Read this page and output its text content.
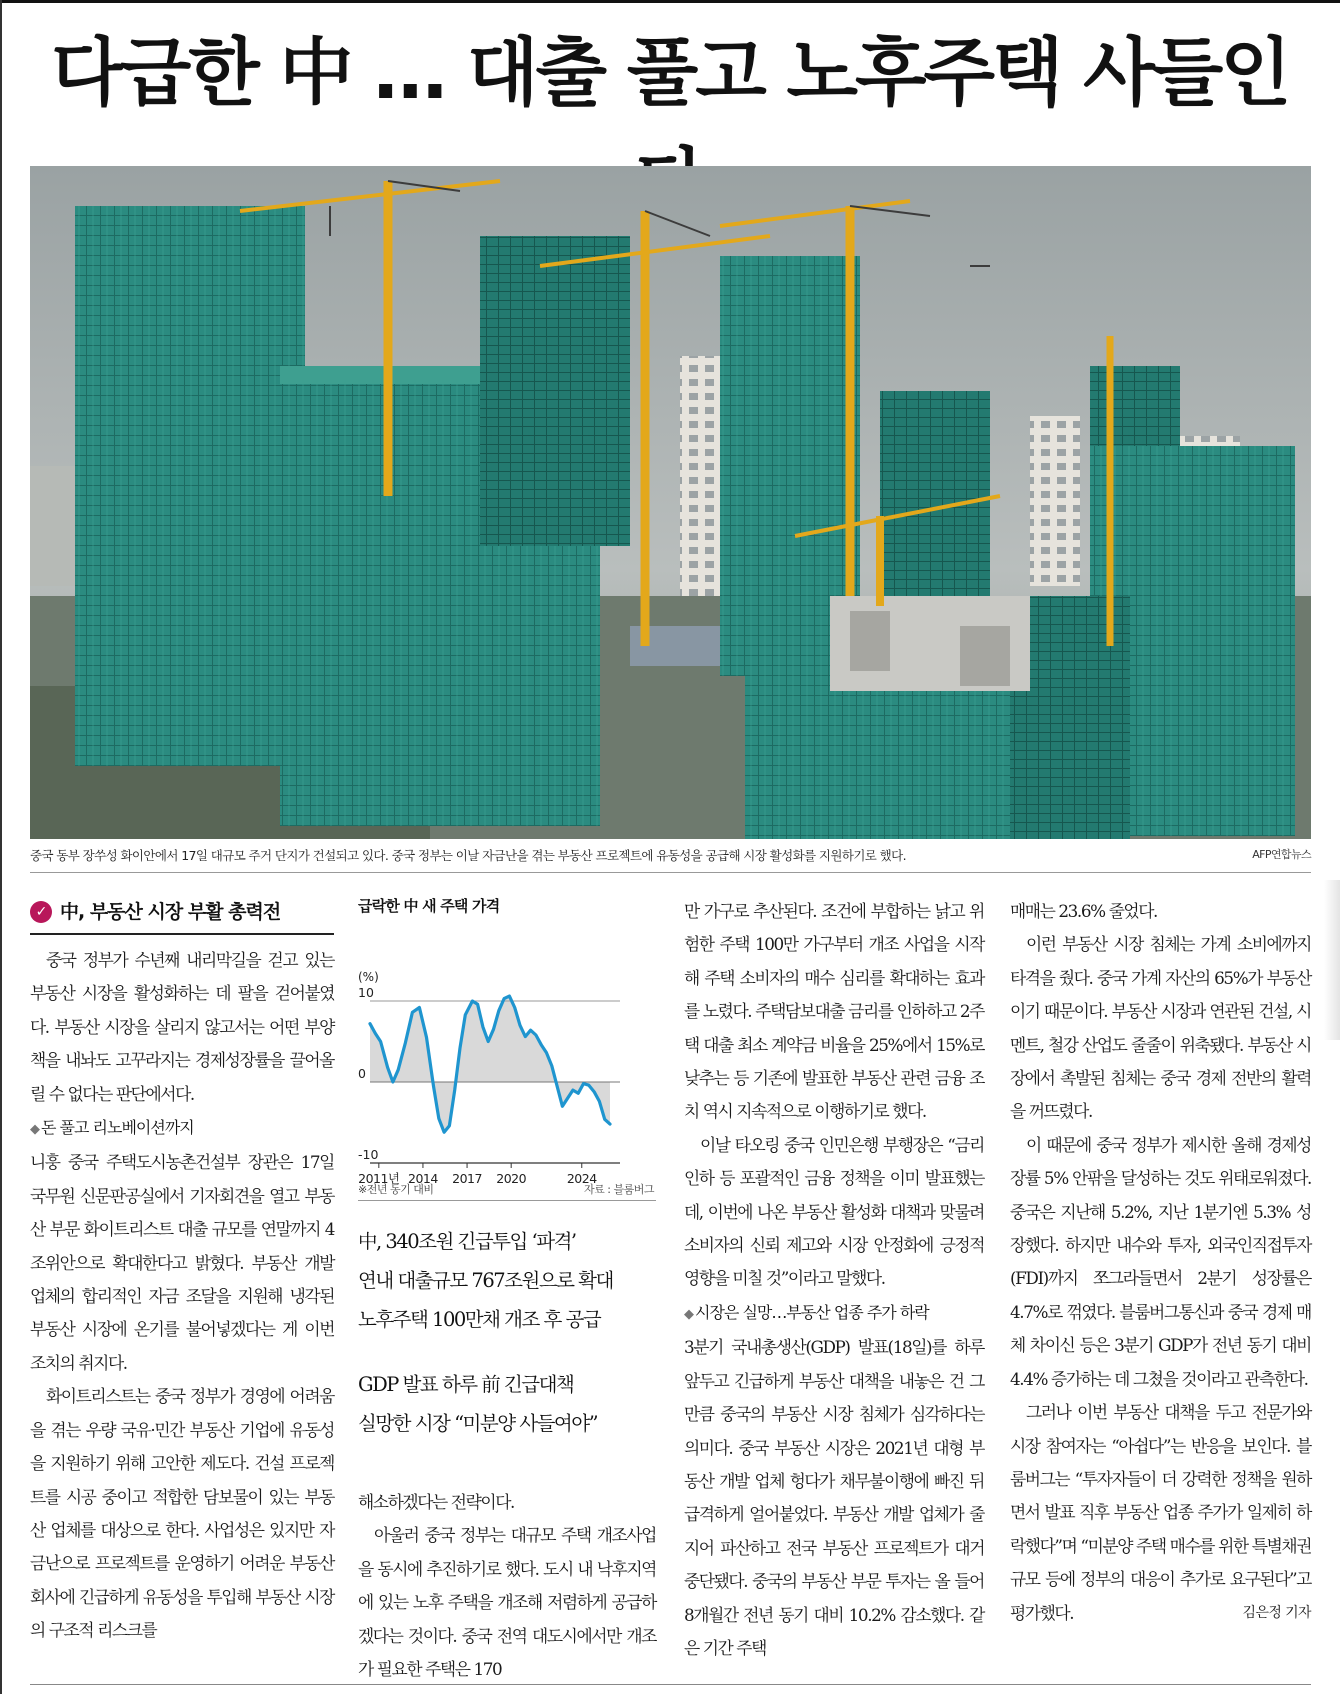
다급한 中 … 대출 풀고 노후주택 사들인
중국 동부 장쑤성 화이안에서 17일 대규모 주거 단지가 건설되고 있다. 중국 정부는 이날 자금난을 겪는 부동산 프로젝트에 유동성을 공급해 시장 활성화를 지원하기로 했다.	AFP연합뉴스
✓ 中, 부동산 시장 부활 총력전

중국 정부가 수년째 내리막길을 걷고 있는 부동산 시장을 활성화하는 데 팔을 걷어붙였다. 부동산 시장을 살리지 않고서는 어떤 부양책을 내놔도 고꾸라지는 경제성장률을 끌어올릴 수 없다는 판단에서다.

◆ 돈 풀고 리노베이션까지

니훙 중국 주택도시농촌건설부 장관은 17일 국무원 신문판공실에서 기자회견을 열고 부동산 부문 화이트리스트 대출 규모를 연말까지 4조위안으로 확대한다고 밝혔다. 부동산 개발 업체의 합리적인 자금 조달을 지원해 냉각된 부동산 시장에 온기를 불어넣겠다는 게 이번 조치의 취지다.

화이트리스트는 중국 정부가 경영에 어려움을 겪는 우량 국유·민간 부동산 기업에 유동성을 지원하기 위해 고안한 제도다. 건설 프로젝트를 시공 중이고 적합한 담보물이 있는 부동산 업체를 대상으로 한다. 사업성은 있지만 자금난으로 프로젝트를 운영하기 어려운 부동산 회사에 긴급하게 유동성을 투입해 부동산 시장의 구조적 리스크를

급락한 中 새 주택 가격
(%)
10
0
-10
2011년 2014 2017 2020	2024
※전년 동기 대비	자료 : 블룸버그

中, 340조원 긴급투입 ‘파격’

연내 대출규모 767조원으로 확대

노후주택 100만채 개조 후 공급

GDP 발표 하루 前 긴급대책

실망한 시장 “미분양 사들여야”

해소하겠다는 전략이다.

아울러 중국 정부는 대규모 주택 개조사업을 동시에 추진하기로 했다. 도시 내 낙후지역에 있는 노후 주택을 개조해 저렴하게 공급하겠다는 것이다. 중국 전역 대도시에서만 개조가 필요한 주택은 170

만 가구로 추산된다. 조건에 부합하는 낡고 위험한 주택 100만 가구부터 개조 사업을 시작해 주택 소비자의 매수 심리를 확대하는 효과를 노렸다. 주택담보대출 금리를 인하하고 2주택 대출 최소 계약금 비율을 25%에서 15%로 낮추는 등 기존에 발표한 부동산 관련 금융 조치 역시 지속적으로 이행하기로 했다.

이날 타오링 중국 인민은행 부행장은 “금리 인하 등 포괄적인 금융 정책을 이미 발표했는데, 이번에 나온 부동산 활성화 대책과 맞물려 소비자의 신뢰 제고와 시장 안정화에 긍정적 영향을 미칠 것”이라고 말했다.

◆ 시장은 실망…부동산 업종 주가 하락

3분기 국내총생산(GDP) 발표(18일)를 하루 앞두고 긴급하게 부동산 대책을 내놓은 건 그만큼 중국의 부동산 시장 침체가 심각하다는 의미다. 중국 부동산 시장은 2021년 대형 부동산 개발 업체 헝다가 채무불이행에 빠진 뒤 급격하게 얼어붙었다. 부동산 개발 업체가 줄지어 파산하고 전국 부동산 프로젝트가 대거 중단됐다. 중국의 부동산 부문 투자는 올 들어 8개월간 전년 동기 대비 10.2% 감소했다. 같은 기간 주택

매매는 23.6% 줄었다.

이런 부동산 시장 침체는 가계 소비에까지 타격을 줬다. 중국 가계 자산의 65%가 부동산이기 때문이다. 부동산 시장과 연관된 건설, 시멘트, 철강 산업도 줄줄이 위축됐다. 부동산 시장에서 촉발된 침체는 중국 경제 전반의 활력을 꺼뜨렸다.

이 때문에 중국 정부가 제시한 올해 경제성장률 5% 안팎을 달성하는 것도 위태로워졌다. 중국은 지난해 5.2%, 지난 1분기엔 5.3% 성장했다. 하지만 내수와 투자, 외국인직접투자(FDI)까지 쪼그라들면서 2분기 성장률은 4.7%로 꺾였다. 블룸버그통신과 중국 경제 매체 차이신 등은 3분기 GDP가 전년 동기 대비 4.4% 증가하는 데 그쳤을 것이라고 관측한다.

그러나 이번 부동산 대책을 두고 전문가와 시장 참여자는 “아쉽다”는 반응을 보인다. 블룸버그는 “투자자들이 더 강력한 정책을 원하면서 발표 직후 부동산 업종 주가가 일제히 하락했다”며 “미분양 주택 매수를 위한 특별채권 규모 등에 정부의 대응이 추가로 요구된다”고 평가했다.	김은정 기자
